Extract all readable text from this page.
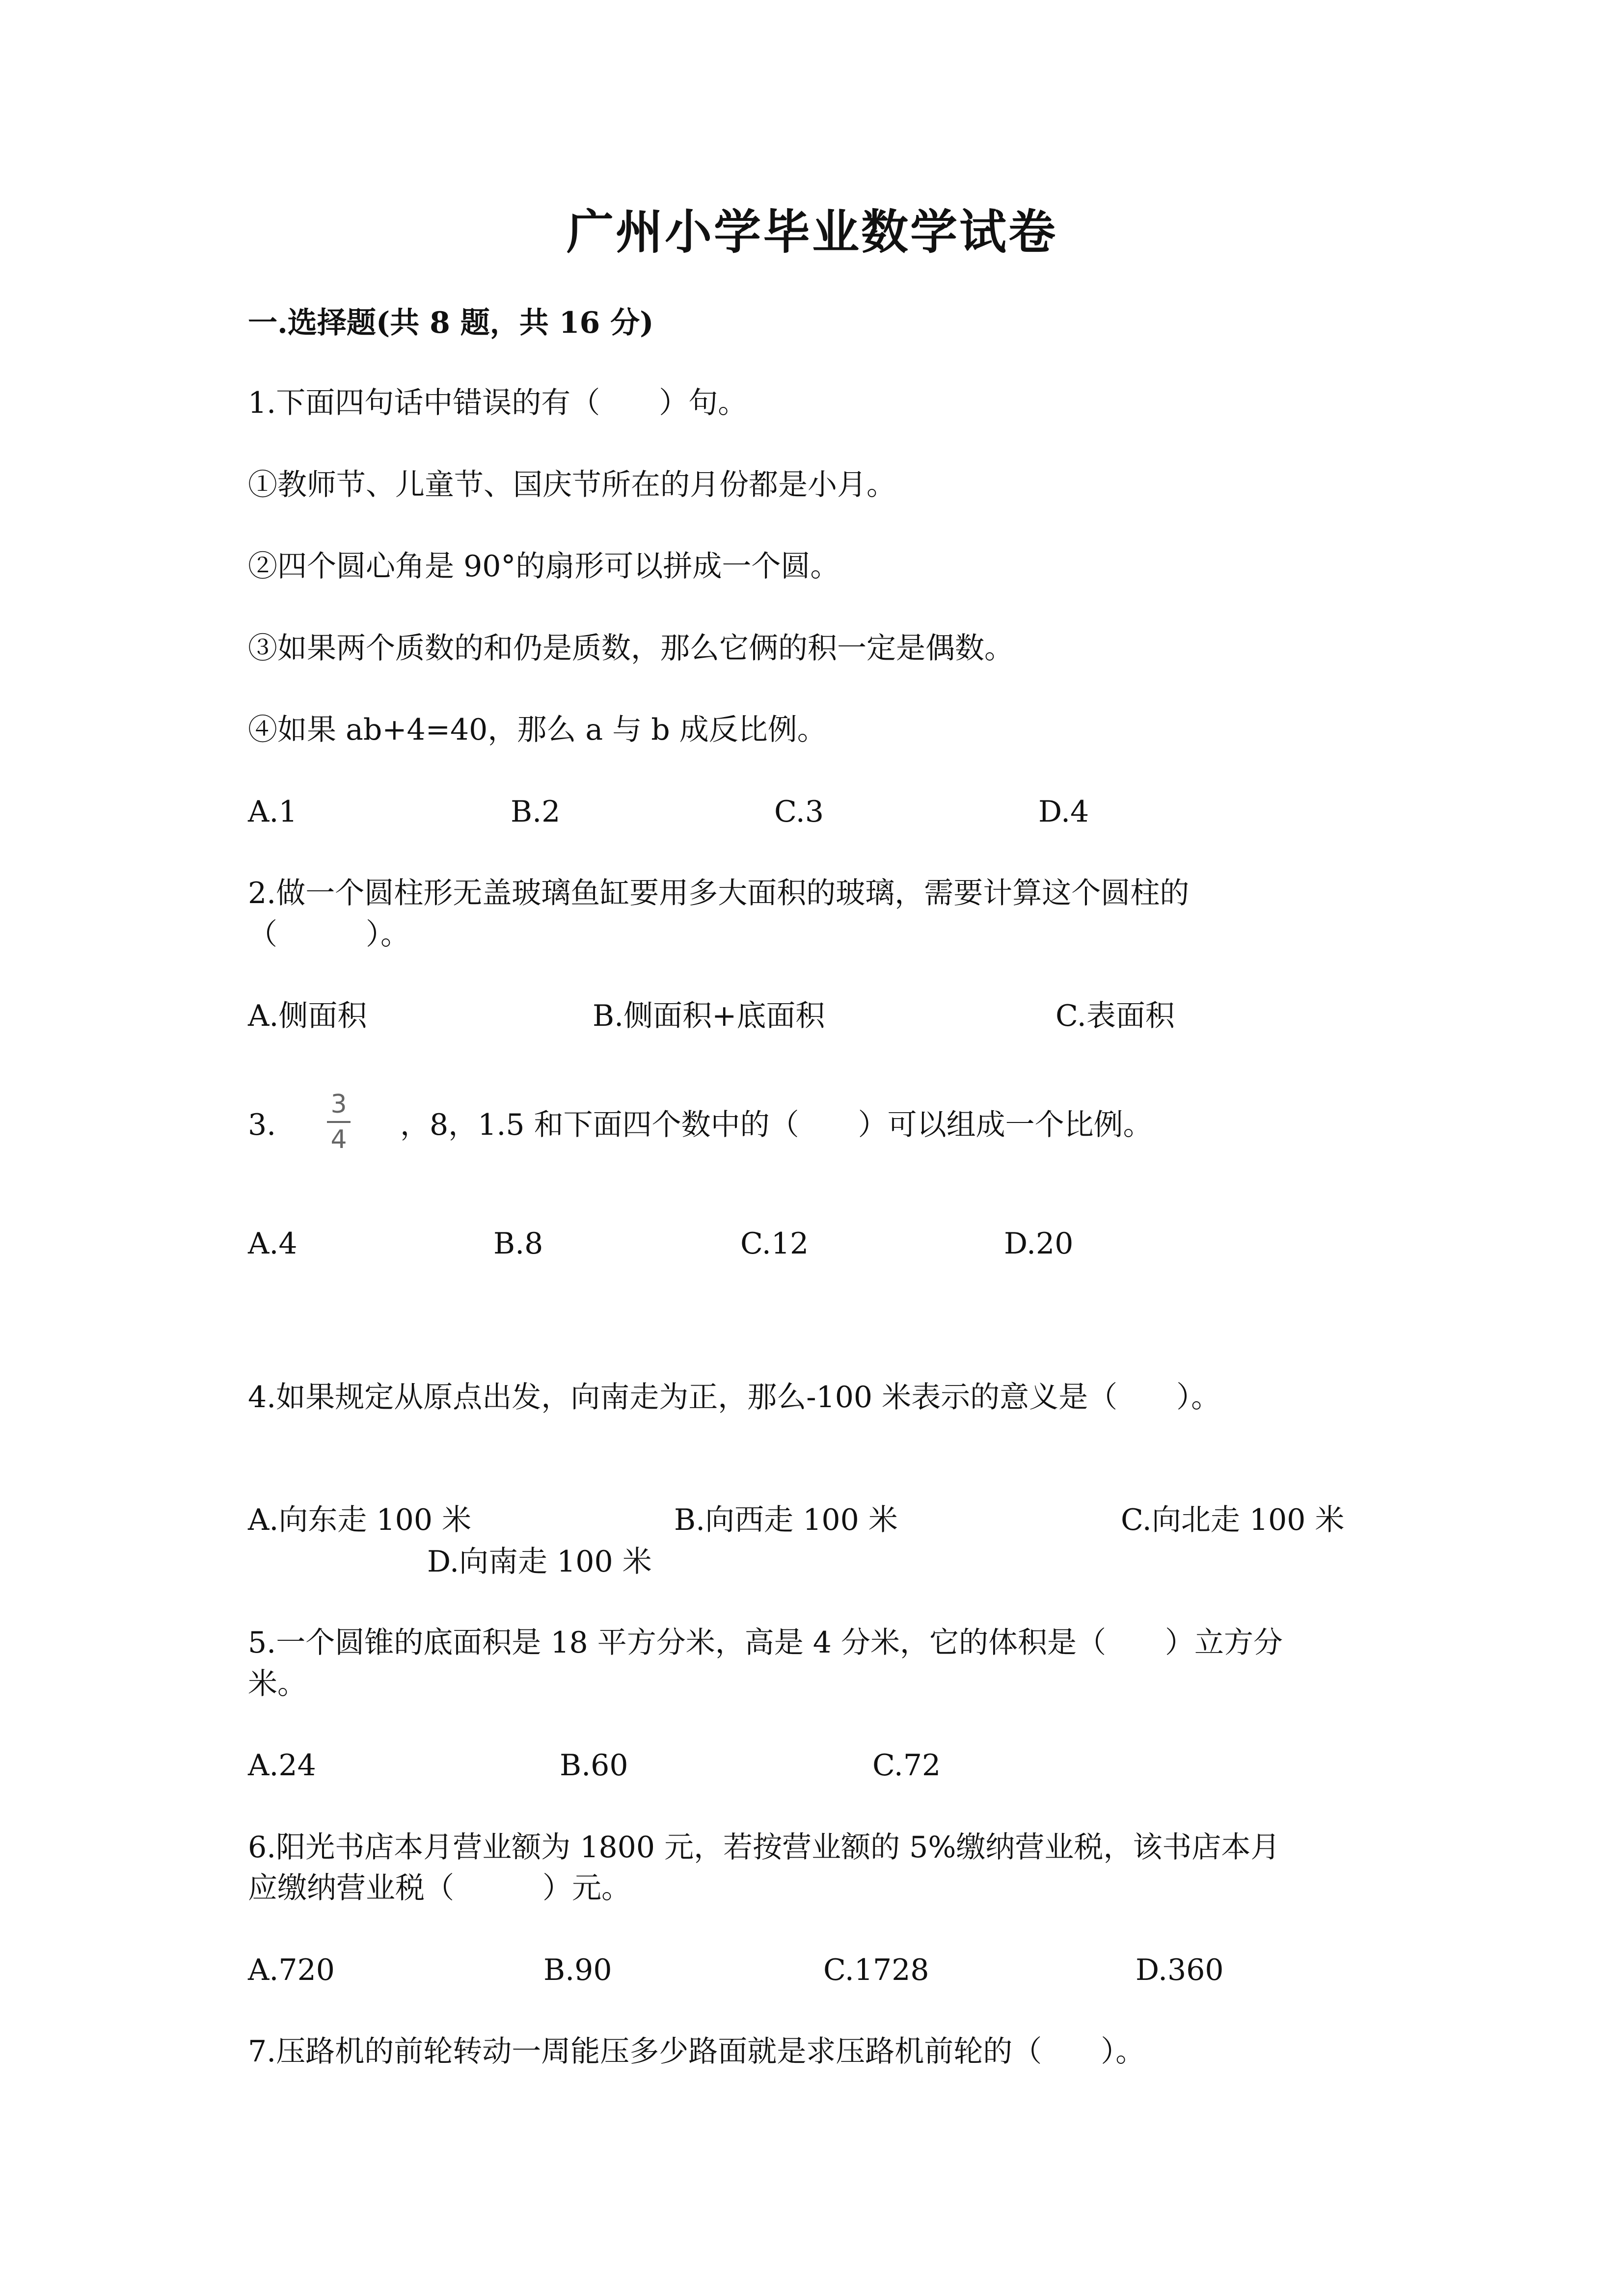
广州小学毕业数学试卷
一.选择题(共 8 题，共 16 分)
1.下面四句话中错误的有（　　）句。
①教师节、儿童节、国庆节所在的月份都是小月。
②四个圆心角是 90°的扇形可以拼成一个圆。
③如果两个质数的和仍是质数，那么它俩的积一定是偶数。
④如果 ab+4=40，那么 a 与 b 成反比例。
A.1	B.2	C.3	D.4
2.做一个圆柱形无盖玻璃鱼缸要用多大面积的玻璃，需要计算这个圆柱的
（　　　）。
A.侧面积	B.侧面积+底面积	C.表面积
3.
3
4	，8，1.5 和下面四个数中的（　　）可以组成一个比例。
A.4	B.8	C.12	D.20
4.如果规定从原点出发，向南走为正，那么-100 米表示的意义是（　　）。
A.向东走 100 米	B.向西走 100 米	C.向北走 100 米
D.向南走 100 米
5.一个圆锥的底面积是 18 平方分米，高是 4 分米，它的体积是（　　）立方分
米。
A.24	B.60	C.72
6.阳光书店本月营业额为 1800 元，若按营业额的 5%缴纳营业税，该书店本月
应缴纳营业税（　　　）元。
A.720	B.90	C.1728	D.360
7.压路机的前轮转动一周能压多少路面就是求压路机前轮的（　　）。
